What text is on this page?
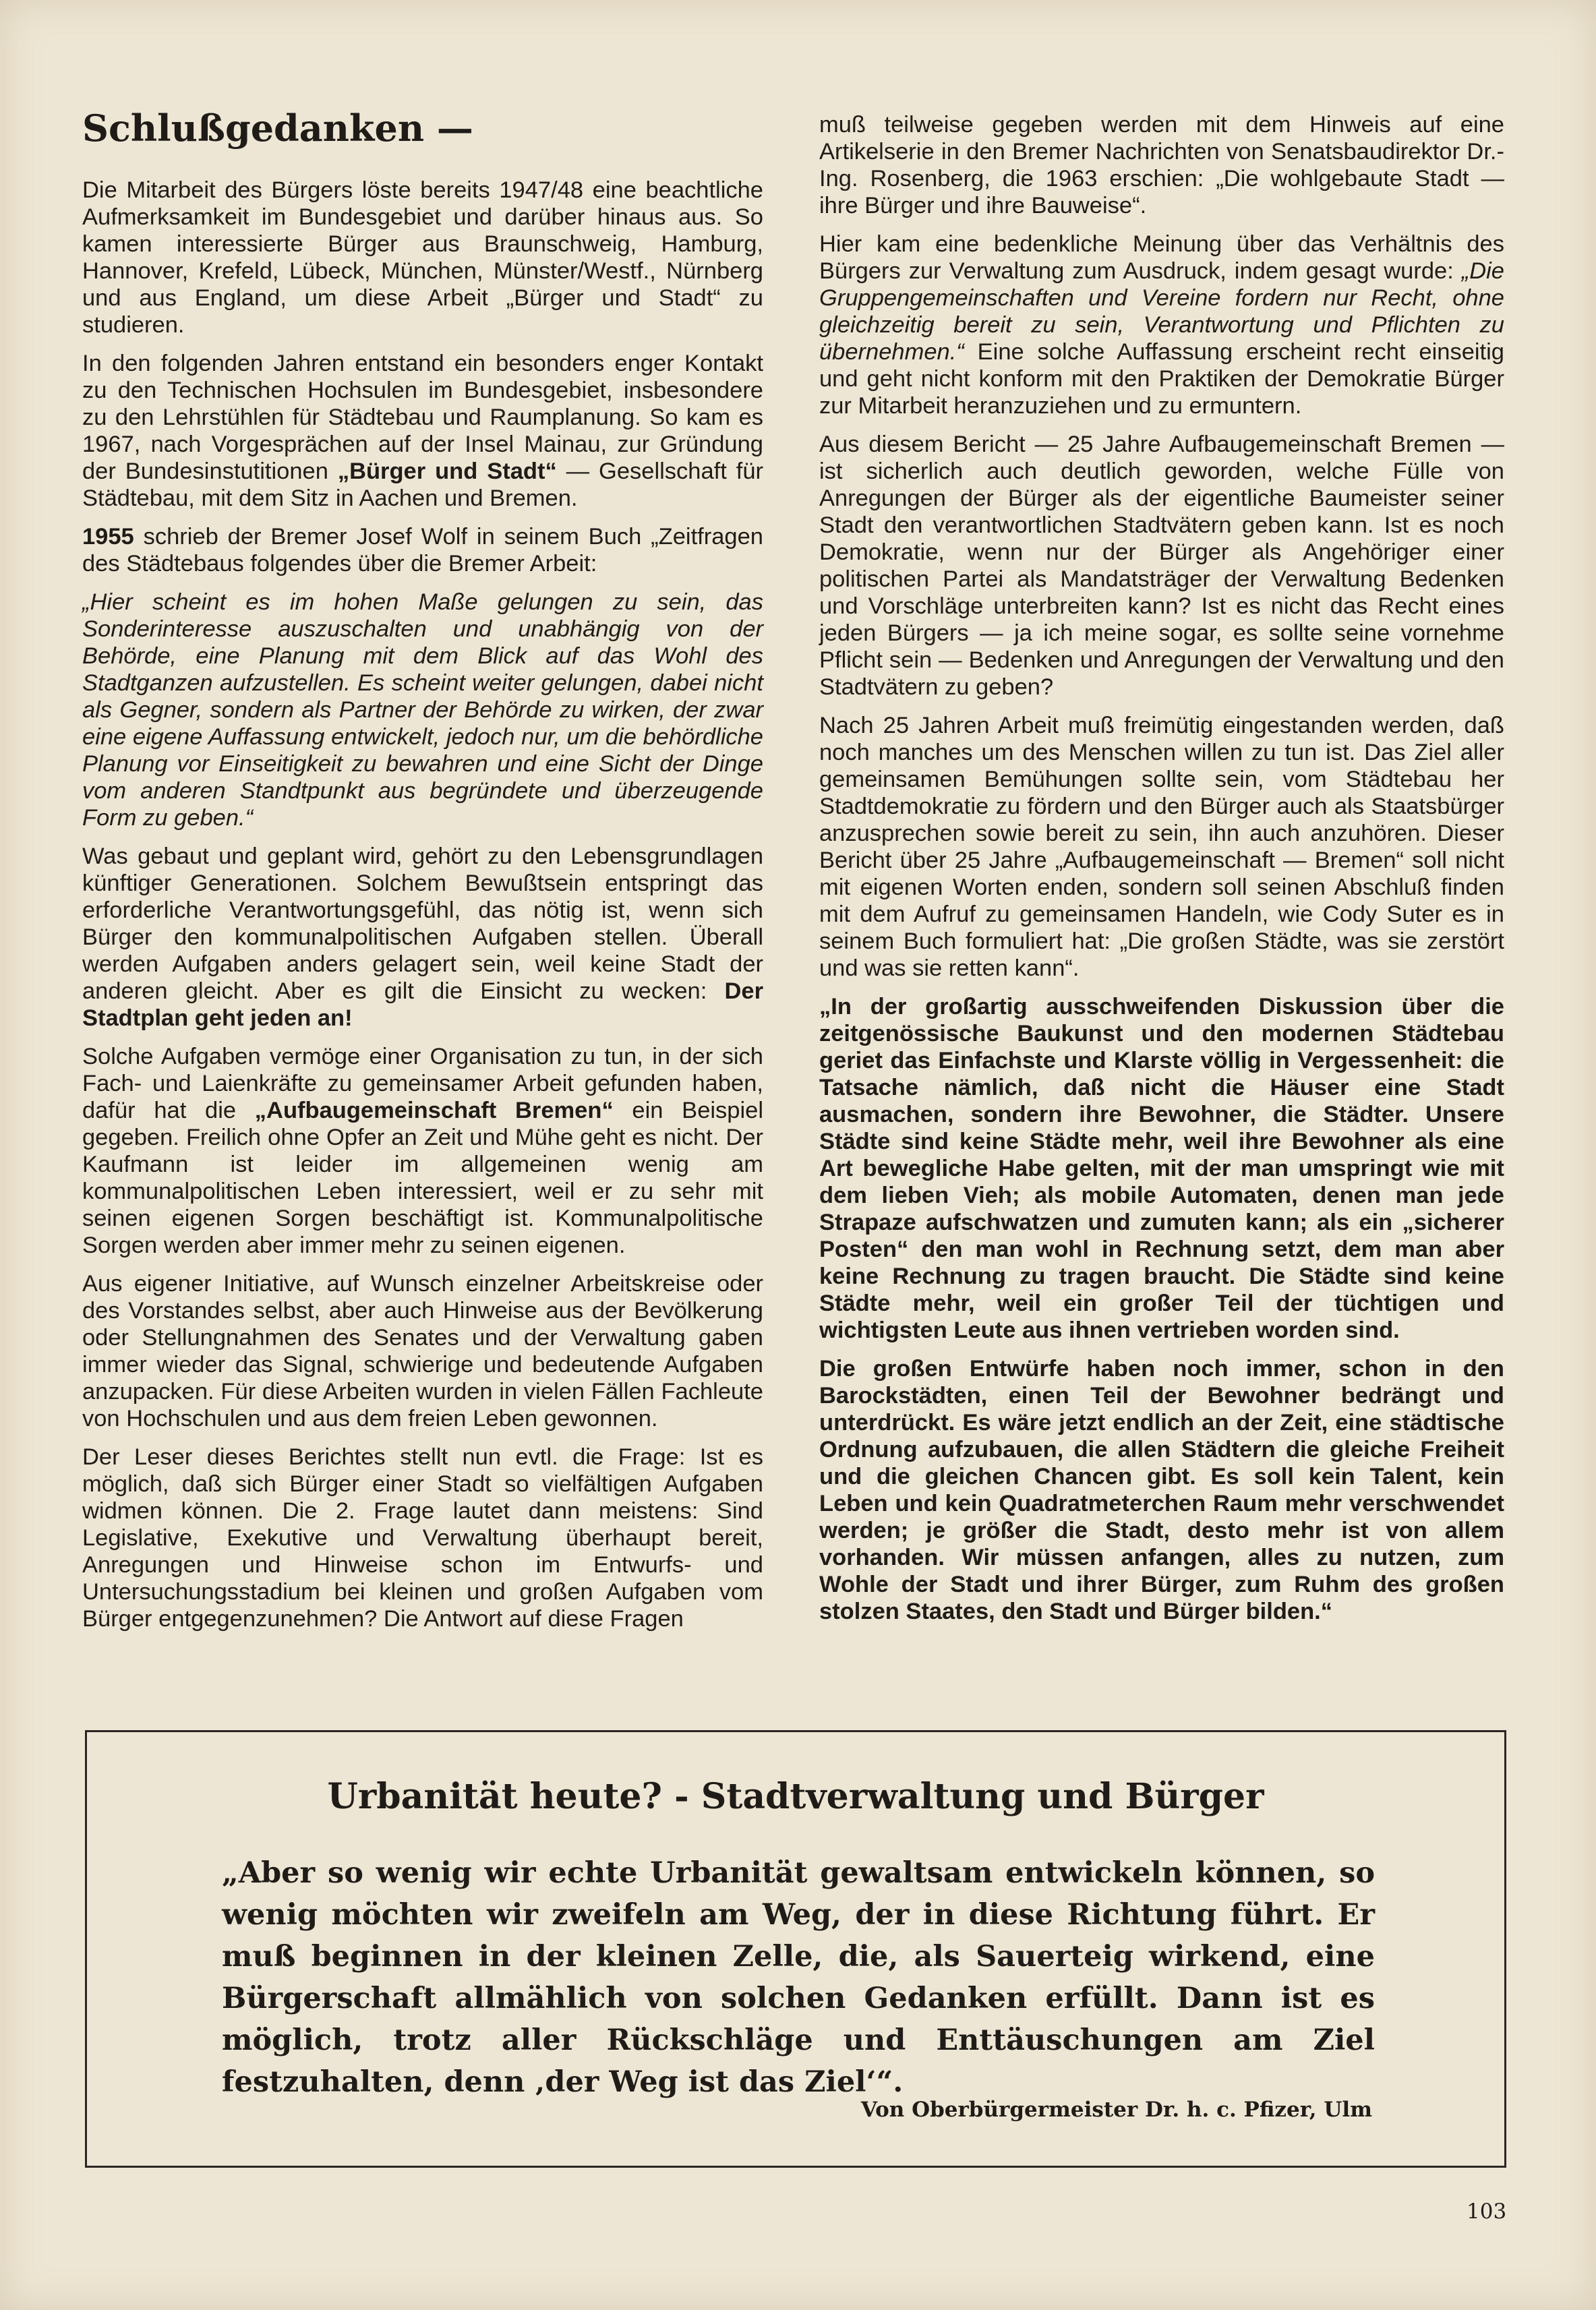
Schlußgedanken —

Die Mitarbeit des Bürgers löste bereits 1947/48 eine beachtliche Aufmerksamkeit im Bundesgebiet und darüber hinaus aus. So kamen interessierte Bürger aus Braunschweig, Hamburg, Hannover, Krefeld, Lübeck, München, Münster/Westf., Nürnberg und aus England, um diese Arbeit „Bürger und Stadt“ zu studieren.

In den folgenden Jahren entstand ein besonders enger Kontakt zu den Technischen Hochsulen im Bundesgebiet, insbesondere zu den Lehrstühlen für Städtebau und Raumplanung. So kam es 1967, nach Vorgesprächen auf der Insel Mainau, zur Gründung der Bundesinstutitionen „Bürger und Stadt“ — Gesellschaft für Städtebau, mit dem Sitz in Aachen und Bremen.

1955 schrieb der Bremer Josef Wolf in seinem Buch „Zeitfragen des Städtebaus folgendes über die Bremer Arbeit:

„Hier scheint es im hohen Maße gelungen zu sein, das Sonderinteresse auszuschalten und unabhängig von der Behörde, eine Planung mit dem Blick auf das Wohl des Stadtganzen aufzustellen. Es scheint weiter gelungen, dabei nicht als Gegner, sondern als Partner der Behörde zu wirken, der zwar eine eigene Auffassung entwickelt, jedoch nur, um die behördliche Planung vor Einseitigkeit zu bewahren und eine Sicht der Dinge vom anderen Standtpunkt aus begründete und überzeugende Form zu geben.“

Was gebaut und geplant wird, gehört zu den Lebensgrundlagen künftiger Generationen. Solchem Bewußtsein entspringt das erforderliche Verantwortungsgefühl, das nötig ist, wenn sich Bürger den kommunalpolitischen Aufgaben stellen. Überall werden Aufgaben anders gelagert sein, weil keine Stadt der anderen gleicht. Aber es gilt die Einsicht zu wecken: Der Stadtplan geht jeden an!

Solche Aufgaben vermöge einer Organisation zu tun, in der sich Fach- und Laienkräfte zu gemeinsamer Arbeit gefunden haben, dafür hat die „Aufbaugemeinschaft Bremen“ ein Beispiel gegeben. Freilich ohne Opfer an Zeit und Mühe geht es nicht. Der Kaufmann ist leider im allgemeinen wenig am kommunalpolitischen Leben interessiert, weil er zu sehr mit seinen eigenen Sorgen beschäftigt ist. Kommunalpolitische Sorgen werden aber immer mehr zu seinen eigenen.

Aus eigener Initiative, auf Wunsch einzelner Arbeitskreise oder des Vorstandes selbst, aber auch Hinweise aus der Bevölkerung oder Stellungnahmen des Senates und der Verwaltung gaben immer wieder das Signal, schwierige und bedeutende Aufgaben anzupacken. Für diese Arbeiten wurden in vielen Fällen Fachleute von Hochschulen und aus dem freien Leben gewonnen.

Der Leser dieses Berichtes stellt nun evtl. die Frage: Ist es möglich, daß sich Bürger einer Stadt so vielfältigen Aufgaben widmen können. Die 2. Frage lautet dann meistens: Sind Legislative, Exekutive und Verwaltung überhaupt bereit, Anregungen und Hinweise schon im Entwurfs- und Untersuchungsstadium bei kleinen und großen Aufgaben vom Bürger entgegenzunehmen? Die Antwort auf diese Fragen

muß teilweise gegeben werden mit dem Hinweis auf eine Artikelserie in den Bremer Nachrichten von Senatsbaudirektor Dr.-Ing. Rosenberg, die 1963 erschien: „Die wohlgebaute Stadt — ihre Bürger und ihre Bauweise“.

Hier kam eine bedenkliche Meinung über das Verhältnis des Bürgers zur Verwaltung zum Ausdruck, indem gesagt wurde: „Die Gruppengemeinschaften und Vereine fordern nur Recht, ohne gleichzeitig bereit zu sein, Verantwortung und Pflichten zu übernehmen.“ Eine solche Auffassung erscheint recht einseitig und geht nicht konform mit den Praktiken der Demokratie Bürger zur Mitarbeit heranzuziehen und zu ermuntern.

Aus diesem Bericht — 25 Jahre Aufbaugemeinschaft Bremen — ist sicherlich auch deutlich geworden, welche Fülle von Anregungen der Bürger als der eigentliche Baumeister seiner Stadt den verantwortlichen Stadtvätern geben kann. Ist es noch Demokratie, wenn nur der Bürger als Angehöriger einer politischen Partei als Mandatsträger der Verwaltung Bedenken und Vorschläge unterbreiten kann? Ist es nicht das Recht eines jeden Bürgers — ja ich meine sogar, es sollte seine vornehme Pflicht sein — Bedenken und Anregungen der Verwaltung und den Stadtvätern zu geben?

Nach 25 Jahren Arbeit muß freimütig eingestanden werden, daß noch manches um des Menschen willen zu tun ist. Das Ziel aller gemeinsamen Bemühungen sollte sein, vom Städtebau her Stadtdemokratie zu fördern und den Bürger auch als Staatsbürger anzusprechen sowie bereit zu sein, ihn auch anzuhören. Dieser Bericht über 25 Jahre „Aufbaugemeinschaft — Bremen“ soll nicht mit eigenen Worten enden, sondern soll seinen Abschluß finden mit dem Aufruf zu gemeinsamen Handeln, wie Cody Suter es in seinem Buch formuliert hat: „Die großen Städte, was sie zerstört und was sie retten kann“.

„In der großartig ausschweifenden Diskussion über die zeitgenössische Baukunst und den modernen Städtebau geriet das Einfachste und Klarste völlig in Vergessenheit: die Tatsache nämlich, daß nicht die Häuser eine Stadt ausmachen, sondern ihre Bewohner, die Städter. Unsere Städte sind keine Städte mehr, weil ihre Bewohner als eine Art bewegliche Habe gelten, mit der man umspringt wie mit dem lieben Vieh; als mobile Automaten, denen man jede Strapaze aufschwatzen und zumuten kann; als ein „sicherer Posten“ den man wohl in Rechnung setzt, dem man aber keine Rechnung zu tragen braucht. Die Städte sind keine Städte mehr, weil ein großer Teil der tüchtigen und wichtigsten Leute aus ihnen vertrieben worden sind.

Die großen Entwürfe haben noch immer, schon in den Barockstädten, einen Teil der Bewohner bedrängt und unterdrückt. Es wäre jetzt endlich an der Zeit, eine städtische Ordnung aufzubauen, die allen Städtern die gleiche Freiheit und die gleichen Chancen gibt. Es soll kein Talent, kein Leben und kein Quadratmeterchen Raum mehr verschwendet werden; je größer die Stadt, desto mehr ist von allem vorhanden. Wir müssen anfangen, alles zu nutzen, zum Wohle der Stadt und ihrer Bürger, zum Ruhm des großen stolzen Staates, den Stadt und Bürger bilden.“

Urbanität heute? - Stadtverwaltung und Bürger
„Aber so wenig wir echte Urbanität gewaltsam entwickeln können, so wenig möchten wir zweifeln am Weg, der in diese Richtung führt. Er muß beginnen in der kleinen Zelle, die, als Sauerteig wirkend, eine Bürgerschaft allmählich von solchen Gedanken erfüllt. Dann ist es möglich, trotz aller Rückschläge und Enttäuschungen am Ziel festzuhalten, denn ‚der Weg ist das Ziel‘“.
Von Oberbürgermeister Dr. h. c. Pfizer, Ulm
103
